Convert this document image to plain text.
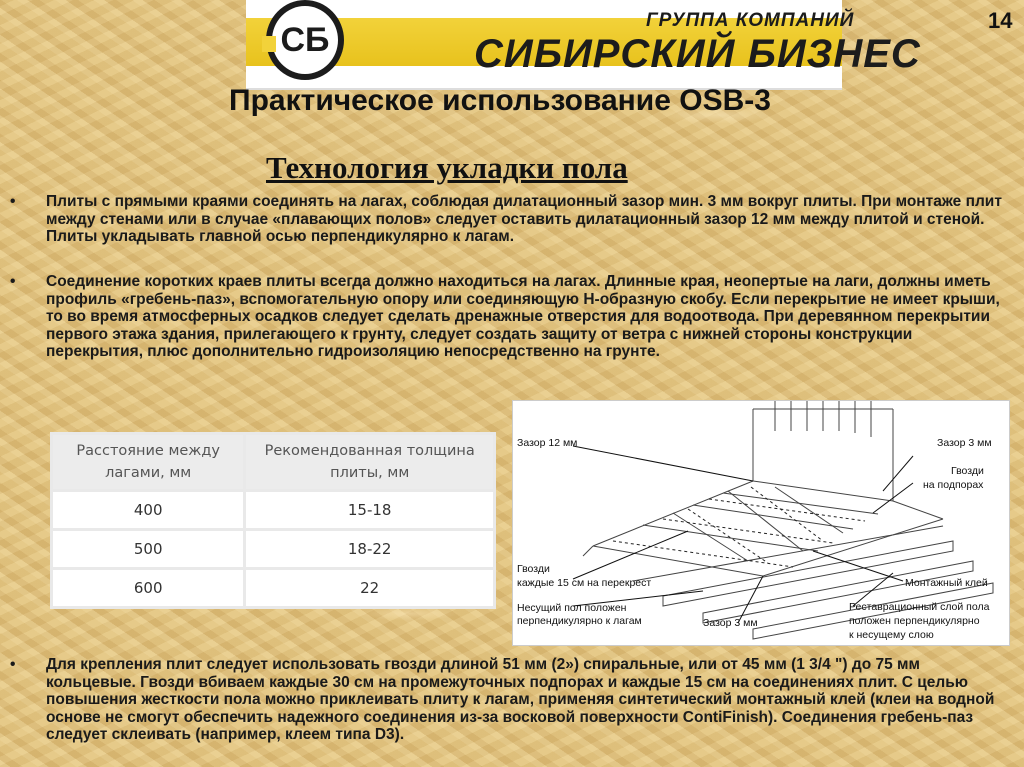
СБ	ГРУППА КОМПАНИЙ
СИБИРСКИЙ БИЗНЕС
14
Практическое использование OSB-3
Технология укладки пола
•	Плиты с прямыми краями соединять на лагах, соблюдая дилатационный зазор мин. 3 мм вокруг плиты. При монтаже плит между стенами или в случае «плавающих полов» следует оставить дилатационный зазор 12 мм между плитой и стеной. Плиты укладывать главной осью перпендикулярно к лагам.
•	Соединение коротких краев плиты всегда должно находиться на лагах. Длинные края, неопертые на лаги, должны иметь профиль «гребень-паз», вспомогательную опору или соединяющую Н-образную скобу. Если перекрытие не имеет крыши, то во время атмосферных осадков следует сделать дренажные отверстия для водоотвода. При деревянном перекрытии первого этажа здания, прилегающего к грунту, следует создать защиту от ветра с нижней стороны конструкции перекрытия, плюс дополнительно гидроизоляцию непосредственно на грунте.
Расстояние между лагами, мм	Рекомендованная толщина плиты, мм
400	15-18
500	18-22
600	22
Зазор 12 мм	Зазор 3 мм
Гвозди
на подпорах
Гвозди
каждые 15 см на перекрест	Монтажный клей
Несущий пол положен
перпендикулярно к лагам	Зазор 3 мм
Реставрационный слой пола
положен перпендикулярно
к несущему слою
•	Для крепления плит следует использовать гвозди длиной 51 мм (2») спиральные, или от 45 мм (1 3/4 ") до 75 мм кольцевые. Гвозди вбиваем каждые 30 см на промежуточных подпорах и каждые 15 см на соединениях плит. С целью повышения жесткости пола можно приклеивать плиту к лагам, применяя синтетический монтажный клей (клеи на водной основе не смогут обеспечить надежного соединения из-за восковой поверхности ContiFinish). Соединения гребень-паз следует склеивать (например, клеем типа D3).
